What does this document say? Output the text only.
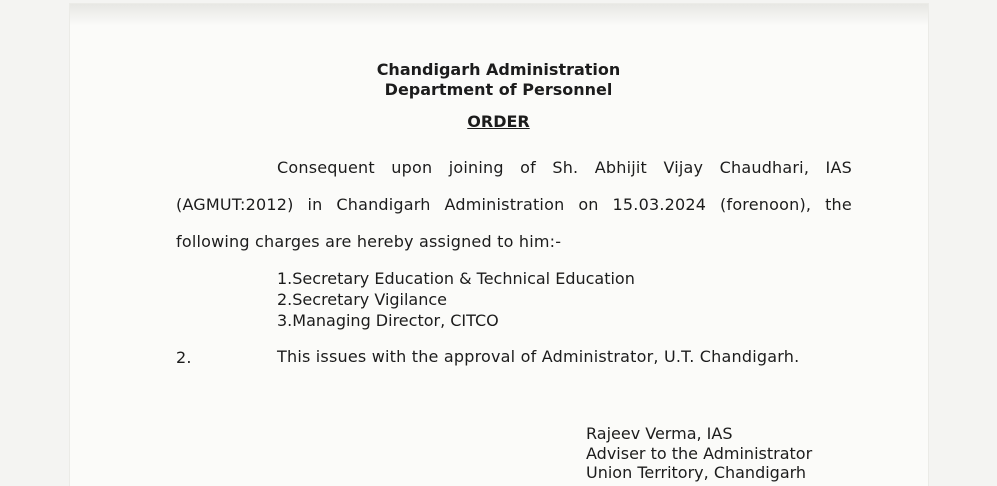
Chandigarh Administration
Department of Personnel
ORDER
Consequent upon joining of Sh. Abhijit Vijay Chaudhari, IAS
(AGMUT:2012) in Chandigarh Administration on 15.03.2024 (forenoon), the
following charges are hereby assigned to him:-
1.Secretary Education & Technical Education
2.Secretary Vigilance
3.Managing Director, CITCO
2.	This issues with the approval of Administrator, U.T. Chandigarh.
Rajeev Verma, IAS
Adviser to the Administrator
Union Territory, Chandigarh
